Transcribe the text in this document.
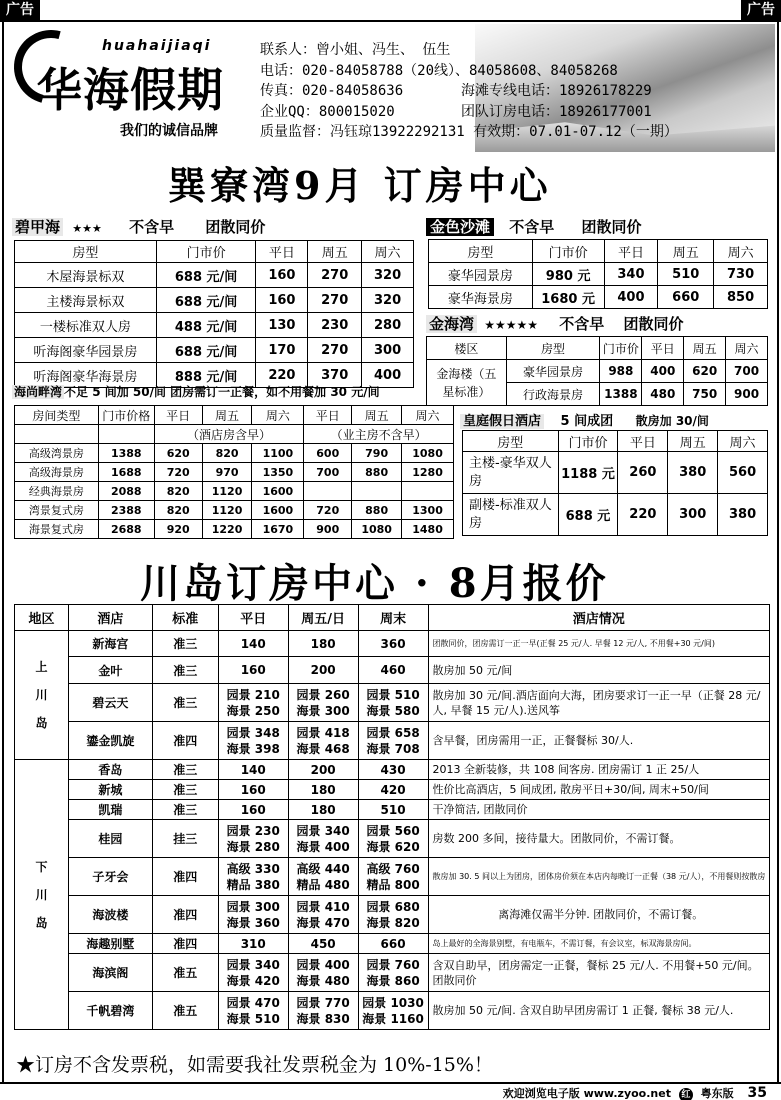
广告	广告
huahaijiaqi
华海假期
我们的诚信品牌
联系人：曾小姐、冯生、 伍生
电话：020-84058788（20线）、84058608、84058268
传真：020-84058636	海滩专线电话：18926178229
企业QQ：800015020	团队订房电话：18926177001
质量监督：冯钰琼13922292131 有效期：07.01-07.12（一期）
巽寮湾9月 订房中心
碧甲海 ★★★ 不含早 团散同价
房型	门市价	平日	周五	周六
木屋海景标双	688 元/间	160	270	320
主楼海景标双	688 元/间	160	270	320
一楼标准双人房	488 元/间	130	230	280
听海阁豪华园景房	688 元/间	170	270	300
听海阁豪华海景房	888 元/间	220	370	400
金色沙滩 不含早 团散同价
房型	门市价	平日	周五	周六
豪华园景房	980 元	340	510	730
豪华海景房	1680 元	400	660	850
金海湾 ★★★★★ 不含早 团散同价
楼区	房型	门市价	平日	周五	周六
金海楼（五星标准）	豪华园景房	988	400	620	700
	行政海景房	1388	480	750	900
海尚畔湾 不足 5 间加 50/间 团房需订一正餐，如不用餐加 30 元/间
房间类型	门市价格	平日	周五	周六	平日	周五	周六
		（酒店房含早）			（业主房不含早）		
高级湾景房	1388	620	820	1100	600	790	1080
高级海景房	1688	720	970	1350	700	880	1280
经典海景房	2088	820	1120	1600			
湾景复式房	2388	820	1120	1600	720	880	1300
海景复式房	2688	920	1220	1670	900	1080	1480
皇庭假日酒店 5 间成团 散房加 30/间
房型	门市价	平日	周五	周六
主楼-豪华双人房	1188 元	260	380	560
副楼-标准双人房	688 元	220	300	380
川岛订房中心 · 8月报价
地区	酒店	标准	平日	周五/日	周末	酒店情况
上川岛	新海宫	准三	140	180	360	团散同价，团房需订一正一早(正餐 25 元/人. 早餐 12 元/人, 不用餐+30 元/间)
	金叶	准三	160	200	460	散房加 50 元/间
	碧云天	准三	园景 210 海景 250	园景 260 海景 300	园景 510 海景 580	散房加 30 元/间.酒店面向大海，团房要求订一正一早（正餐 28 元/人, 早餐 15 元/人).送风筝
	鎏金凯旋	准四	园景 348 海景 398	园景 418 海景 468	园景 658 海景 708	含早餐，团房需用一正，正餐餐标 30/人.
下川岛	香岛	准三	140	200	430	2013 全新装修，共 108 间客房. 团房需订 1 正 25/人
	新城	准三	160	180	420	性价比高酒店，5 间成团, 散房平日+30/间, 周末+50/间
	凯瑞	准三	160	180	510	干净简洁, 团散同价
	桂园	挂三	园景 230 海景 280	园景 340 海景 400	园景 560 海景 620	房数 200 多间，接待量大。团散同价，不需订餐。
	子牙会	准四	高级 330 精品 380	高级 440 精品 480	高级 760 精品 800	散房加 30. 5 间以上为团房，团体房价须在本店内每晚订一正餐（38 元/人），不用餐则按散房
	海波楼	准四	园景 300 海景 360	园景 410 海景 470	园景 680 海景 820	离海滩仅需半分钟. 团散同价，不需订餐。
	海趣别墅	准四	310	450	660	岛上最好的全海景别墅，有电瓶车，不需订餐，有会议室，标双海景房间。
	海滨阁	准五	园景 340 海景 420	园景 400 海景 480	园景 760 海景 860	含双自助早，团房需定一正餐，餐标 25 元/人. 不用餐+50 元/间。团散同价
	千帆碧湾	准五	园景 470 海景 510	园景 770 海景 830	园景 1030 海景 1160	散房加 50 元/间. 含双自助早团房需订 1 正餐, 餐标 38 元/人.
★订房不含发票税，如需要我社发票税金为 10%-15%！
欢迎浏览电子版 www.zyoo.net 红 粤东版 35
